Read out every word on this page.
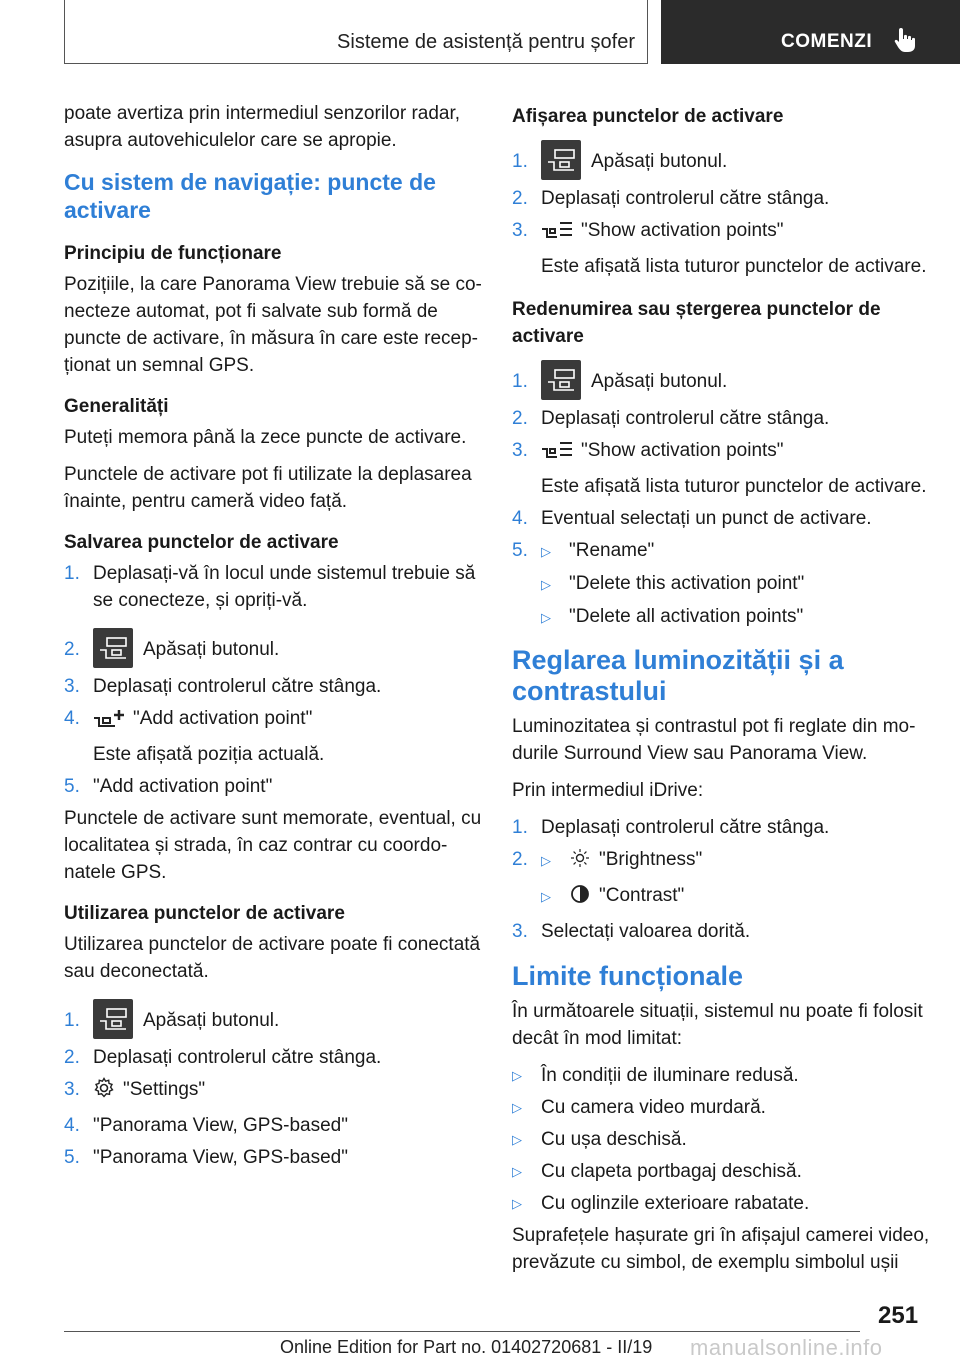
Sisteme de asistență pentru șofer	COMENZI

poate avertiza prin intermediul senzorilor radar, asupra autovehiculelor care se apropie.

Cu sistem de navigație: puncte de activare
Principiu de funcționare

Pozițiile, la care Panorama View trebuie să se conecteze automat, pot fi salvate sub formă de puncte de activare, în măsura în care este recepționat un semnal GPS.

Generalități

Puteți memora până la zece puncte de activare.

Punctele de activare pot fi utilizate la deplasarea înainte, pentru cameră video față.

Salvarea punctelor de activare
1. Deplasați-vă în locul unde sistemul trebuie să se conecteze, și opriți-vă.
2.	Apăsați butonul.
3. Deplasați controlerul către stânga.
4.	"Add activation point"
Este afișată poziția actuală.
5. "Add activation point"

Punctele de activare sunt memorate, eventual, cu localitatea și strada, în caz contrar cu coordonatele GPS.

Utilizarea punctelor de activare

Utilizarea punctelor de activare poate fi conectată sau deconectată.

1.	Apăsați butonul.
2. Deplasați controlerul către stânga.
3. "Settings"
4. "Panorama View, GPS-based"
5. "Panorama View, GPS-based"
Afișarea punctelor de activare
1.	Apăsați butonul.
2. Deplasați controlerul către stânga.
3.	"Show activation points"
Este afișată lista tuturor punctelor de activare.
Redenumirea sau ștergerea punctelor de activare
1.	Apăsați butonul.
2. Deplasați controlerul către stânga.
3.	"Show activation points"
Este afișată lista tuturor punctelor de activare.
4. Eventual selectați un punct de activare.
5. ▷ "Rename"
▷ "Delete this activation point"
▷ "Delete all activation points"
Reglarea luminozității și a contrastului

Luminozitatea și contrastul pot fi reglate din modurile Surround View sau Panorama View.

Prin intermediul iDrive:

1. Deplasați controlerul către stânga.
2. ▷	"Brightness"
▷	"Contrast"
3. Selectați valoarea dorită.
Limite funcționale

În următoarele situații, sistemul nu poate fi folosit decât în mod limitat:

▷	În condiții de iluminare redusă.
▷	Cu camera video murdară.
▷	Cu ușa deschisă.
▷	Cu clapeta portbagaj deschisă.
▷	Cu oglinzile exterioare rabatate.

Suprafețele hașurate gri în afișajul camerei video, prevăzute cu simbol, de exemplu simbolul ușii

251
Online Edition for Part no. 01402720681 - II/19 manualsonline.info
